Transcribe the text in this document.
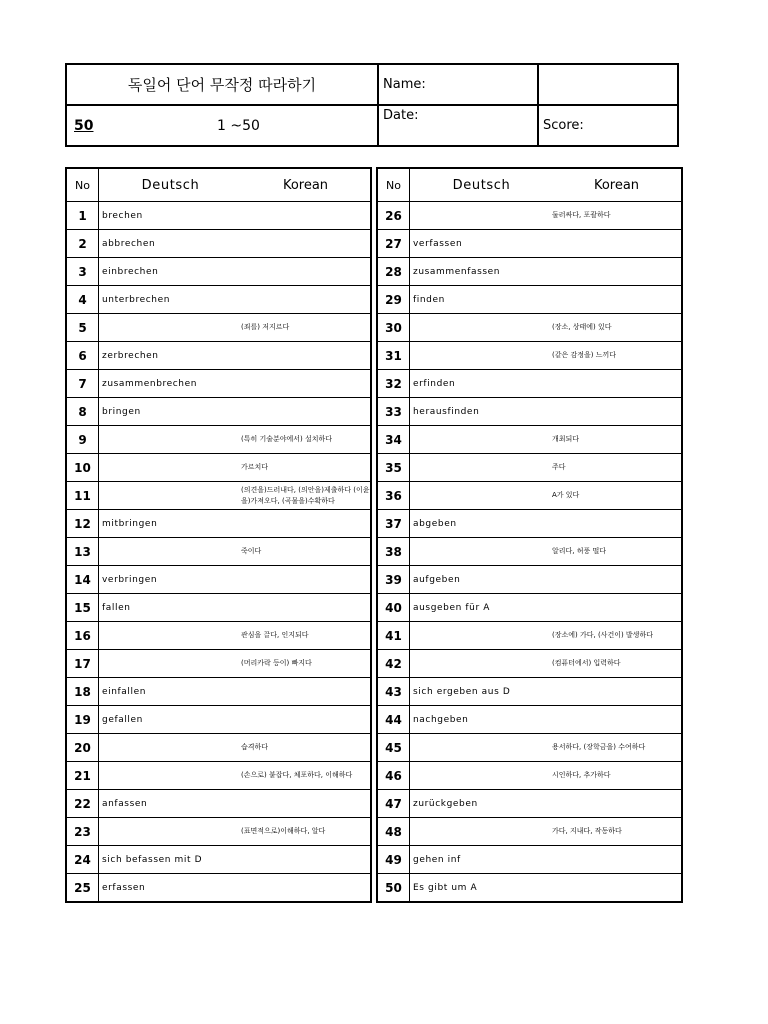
독일어 단어 무작정 따라하기	Name:
50	1 ~50
Date:
Score:
No	Deutsch	Korean
1	brechen	
2	abbrechen	
3	einbrechen	
4	unterbrechen	
5		(죄를) 저지르다
6	zerbrechen	
7	zusammenbrechen	
8	bringen	
9		(특히 기술분야에서) 설치하다
10		가르치다
11		(의견을)드러내다, (의안을)제출하다 (이윤을)가져오다, (곡물을)수확하다
12	mitbringen	
13		죽이다
14	verbringen	
15	fallen	
16		관심을 끌다, 인지되다
17		(머리카락 등이) 빠지다
18	einfallen	
19	gefallen	
20		습격하다
21		(손으로) 붙잡다, 체포하다, 이해하다
22	anfassen	
23		(표면적으로)이해하다, 알다
24	sich befassen mit D	
25	erfassen	
No	Deutsch	Korean
26		둘러싸다, 포괄하다
27	verfassen	
28	zusammenfassen	
29	finden	
30		(장소, 상태에) 있다
31		(같은 감정을) 느끼다
32	erfinden	
33	herausfinden	
34		개최되다
35		주다
36		A가 있다
37	abgeben	
38		알리다, 허풍 떨다
39	aufgeben	
40	ausgeben für A	
41		(장소에) 가다, (사건이) 발생하다
42		(컴퓨터에서) 입력하다
43	sich ergeben aus D	
44	nachgeben	
45		용서하다, (장학금을) 수여하다
46		시인하다, 추가하다
47	zurückgeben	
48		가다, 지내다, 작동하다
49	gehen inf	
50	Es gibt um A	
